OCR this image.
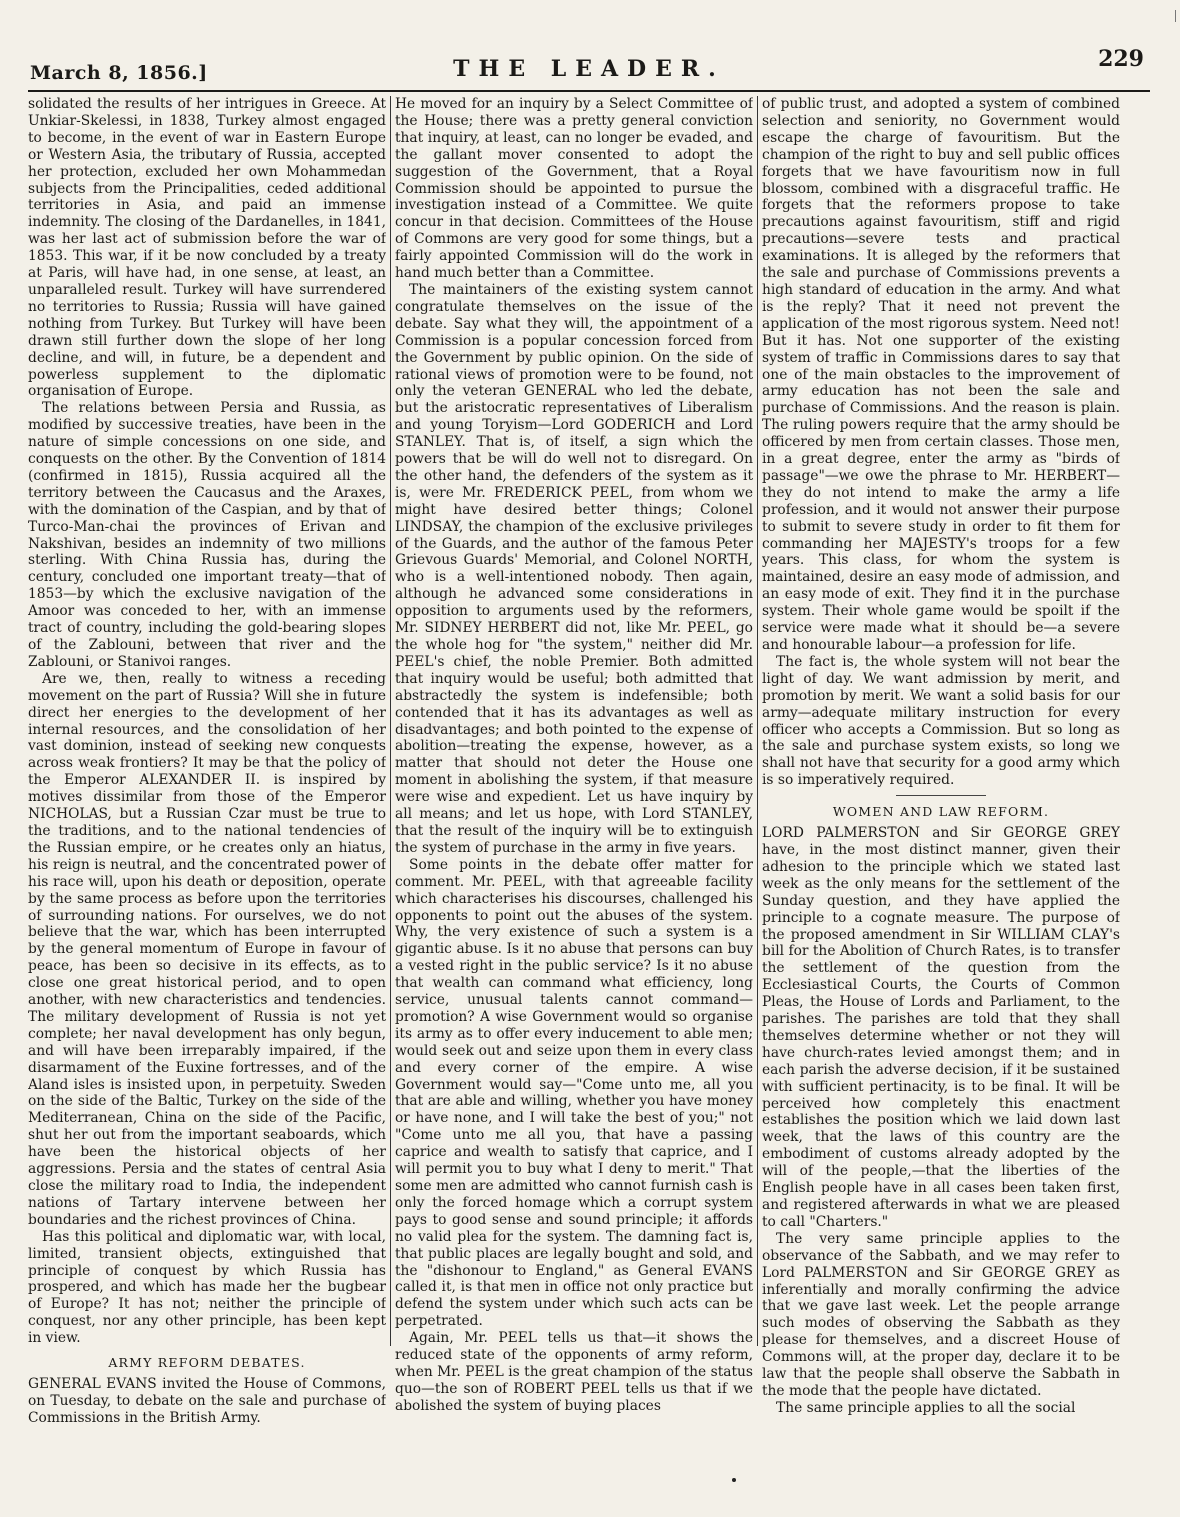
March 8, 1856.]	THE LEADER.	229

solidated the results of her intrigues in Greece. At Unkiar-Skelessi, in 1838, Turkey almost engaged to become, in the event of war in Eastern Europe or Western Asia, the tributary of Russia, accepted her protection, excluded her own Mohammedan subjects from the Principalities, ceded additional territories in Asia, and paid an immense indemnity. The closing of the Dardanelles, in 1841, was her last act of submission before the war of 1853. This war, if it be now concluded by a treaty at Paris, will have had, in one sense, at least, an unparalleled result. Turkey will have surrendered no territories to Russia; Russia will have gained nothing from Turkey. But Turkey will have been drawn still further down the slope of her long decline, and will, in future, be a dependent and powerless supplement to the diplomatic organisation of Europe.

The relations between Persia and Russia, as modified by successive treaties, have been in the nature of simple concessions on one side, and conquests on the other. By the Convention of 1814 (confirmed in 1815), Russia acquired all the territory between the Caucasus and the Araxes, with the domination of the Caspian, and by that of Turco-Man-chai the provinces of Erivan and Nakshivan, besides an indemnity of two millions sterling. With China Russia has, during the century, concluded one important treaty—that of 1853—by which the exclusive navigation of the Amoor was conceded to her, with an immense tract of country, including the gold-bearing slopes of the Zablouni, between that river and the Zablouni, or Stanivoi ranges.

Are we, then, really to witness a receding movement on the part of Russia? Will she in future direct her energies to the development of her internal resources, and the consolidation of her vast dominion, instead of seeking new conquests across weak frontiers? It may be that the policy of the Emperor ALEXANDER II. is inspired by motives dissimilar from those of the Emperor NICHOLAS, but a Russian Czar must be true to the traditions, and to the national tendencies of the Russian empire, or he creates only an hiatus, his reign is neutral, and the concentrated power of his race will, upon his death or deposition, operate by the same process as before upon the territories of surrounding nations. For ourselves, we do not believe that the war, which has been interrupted by the general momentum of Europe in favour of peace, has been so decisive in its effects, as to close one great historical period, and to open another, with new characteristics and tendencies. The military development of Russia is not yet complete; her naval development has only begun, and will have been irreparably impaired, if the disarmament of the Euxine fortresses, and of the Aland isles is insisted upon, in perpetuity. Sweden on the side of the Baltic, Turkey on the side of the Mediterranean, China on the side of the Pacific, shut her out from the important seaboards, which have been the historical objects of her aggressions. Persia and the states of central Asia close the military road to India, the independent nations of Tartary intervene between her boundaries and the richest provinces of China.

Has this political and diplomatic war, with local, limited, transient objects, extinguished that principle of conquest by which Russia has prospered, and which has made her the bugbear of Europe? It has not; neither the principle of conquest, nor any other principle, has been kept in view.

ARMY REFORM DEBATES.

GENERAL EVANS invited the House of Commons, on Tuesday, to debate on the sale and purchase of Commissions in the British Army.

He moved for an inquiry by a Select Committee of the House; there was a pretty general conviction that inquiry, at least, can no longer be evaded, and the gallant mover consented to adopt the suggestion of the Government, that a Royal Commission should be appointed to pursue the investigation instead of a Committee. We quite concur in that decision. Committees of the House of Commons are very good for some things, but a fairly appointed Commission will do the work in hand much better than a Committee.

The maintainers of the existing system cannot congratulate themselves on the issue of the debate. Say what they will, the appointment of a Commission is a popular concession forced from the Government by public opinion. On the side of rational views of promotion were to be found, not only the veteran GENERAL who led the debate, but the aristocratic representatives of Liberalism and young Toryism—Lord GODERICH and Lord STANLEY. That is, of itself, a sign which the powers that be will do well not to disregard. On the other hand, the defenders of the system as it is, were Mr. FREDERICK PEEL, from whom we might have desired better things; Colonel LINDSAY, the champion of the exclusive privileges of the Guards, and the author of the famous Peter Grievous Guards' Memorial, and Colonel NORTH, who is a well-intentioned nobody. Then again, although he advanced some considerations in opposition to arguments used by the reformers, Mr. SIDNEY HERBERT did not, like Mr. PEEL, go the whole hog for "the system," neither did Mr. PEEL's chief, the noble Premier. Both admitted that inquiry would be useful; both admitted that abstractedly the system is indefensible; both contended that it has its advantages as well as disadvantages; and both pointed to the expense of abolition—treating the expense, however, as a matter that should not deter the House one moment in abolishing the system, if that measure were wise and expedient. Let us have inquiry by all means; and let us hope, with Lord STANLEY, that the result of the inquiry will be to extinguish the system of purchase in the army in five years.

Some points in the debate offer matter for comment. Mr. PEEL, with that agreeable facility which characterises his discourses, challenged his opponents to point out the abuses of the system. Why, the very existence of such a system is a gigantic abuse. Is it no abuse that persons can buy a vested right in the public service? Is it no abuse that wealth can command what efficiency, long service, unusual talents cannot command—promotion? A wise Government would so organise its army as to offer every inducement to able men; would seek out and seize upon them in every class and every corner of the empire. A wise Government would say—"Come unto me, all you that are able and willing, whether you have money or have none, and I will take the best of you;" not "Come unto me all you, that have a passing caprice and wealth to satisfy that caprice, and I will permit you to buy what I deny to merit." That some men are admitted who cannot furnish cash is only the forced homage which a corrupt system pays to good sense and sound principle; it affords no valid plea for the system. The damning fact is, that public places are legally bought and sold, and the "dishonour to England," as General EVANS called it, is that men in office not only practice but defend the system under which such acts can be perpetrated.

Again, Mr. PEEL tells us that—it shows the reduced state of the opponents of army reform, when Mr. PEEL is the great champion of the status quo—the son of ROBERT PEEL tells us that if we abolished the system of buying places

of public trust, and adopted a system of combined selection and seniority, no Government would escape the charge of favouritism. But the champion of the right to buy and sell public offices forgets that we have favouritism now in full blossom, combined with a disgraceful traffic. He forgets that the reformers propose to take precautions against favouritism, stiff and rigid precautions—severe tests and practical examinations. It is alleged by the reformers that the sale and purchase of Commissions prevents a high standard of education in the army. And what is the reply? That it need not prevent the application of the most rigorous system. Need not! But it has. Not one supporter of the existing system of traffic in Commissions dares to say that one of the main obstacles to the improvement of army education has not been the sale and purchase of Commissions. And the reason is plain. The ruling powers require that the army should be officered by men from certain classes. Those men, in a great degree, enter the army as "birds of passage"—we owe the phrase to Mr. HERBERT—they do not intend to make the army a life profession, and it would not answer their purpose to submit to severe study in order to fit them for commanding her MAJESTY's troops for a few years. This class, for whom the system is maintained, desire an easy mode of admission, and an easy mode of exit. They find it in the purchase system. Their whole game would be spoilt if the service were made what it should be—a severe and honourable labour—a profession for life.

The fact is, the whole system will not bear the light of day. We want admission by merit, and promotion by merit. We want a solid basis for our army—adequate military instruction for every officer who accepts a Commission. But so long as the sale and purchase system exists, so long we shall not have that security for a good army which is so imperatively required.

WOMEN AND LAW REFORM.

LORD PALMERSTON and Sir GEORGE GREY have, in the most distinct manner, given their adhesion to the principle which we stated last week as the only means for the settlement of the Sunday question, and they have applied the principle to a cognate measure. The purpose of the proposed amendment in Sir WILLIAM CLAY's bill for the Abolition of Church Rates, is to transfer the settlement of the question from the Ecclesiastical Courts, the Courts of Common Pleas, the House of Lords and Parliament, to the parishes. The parishes are told that they shall themselves determine whether or not they will have church-rates levied amongst them; and in each parish the adverse decision, if it be sustained with sufficient pertinacity, is to be final. It will be perceived how completely this enactment establishes the position which we laid down last week, that the laws of this country are the embodiment of customs already adopted by the will of the people,—that the liberties of the English people have in all cases been taken first, and registered afterwards in what we are pleased to call "Charters."

The very same principle applies to the observance of the Sabbath, and we may refer to Lord PALMERSTON and Sir GEORGE GREY as inferentially and morally confirming the advice that we gave last week. Let the people arrange such modes of observing the Sabbath as they please for themselves, and a discreet House of Commons will, at the proper day, declare it to be law that the people shall observe the Sabbath in the mode that the people have dictated.

The same principle applies to all the social
